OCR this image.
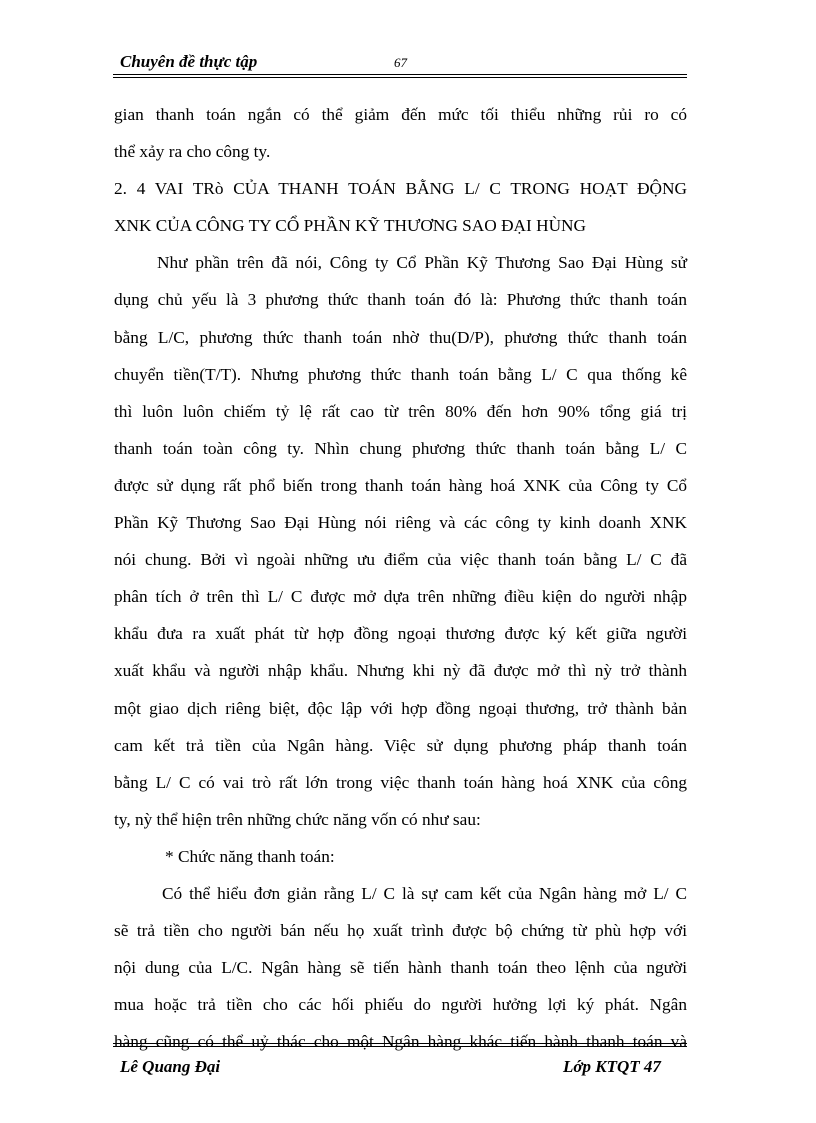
Chuyên đề thực tập	67
gian thanh toán ngắn có thể giảm đến mức tối thiểu những rủi ro có
thể xảy ra cho công ty.
2. 4 VAI TRò CỦA THANH TOÁN BẰNG L/ C TRONG HOẠT ĐỘNG
XNK CỦA CÔNG TY CỔ PHẦN KỸ THƯƠNG SAO ĐẠI HÙNG
Như phần trên đã nói, Công ty Cổ Phần Kỹ Thương Sao Đại Hùng sử
dụng chủ yếu là 3 phương thức thanh toán đó là: Phương thức thanh toán
bằng L/C, phương thức thanh toán nhờ thu(D/P), phương thức thanh toán
chuyển tiền(T/T). Nhưng phương thức thanh toán bằng L/ C qua thống kê
thì luôn luôn chiếm tỷ lệ rất cao từ trên 80% đến hơn 90% tổng giá trị
thanh toán toàn công ty. Nhìn chung phương thức thanh toán bằng L/ C
được sử dụng rất phổ biến trong thanh toán hàng hoá XNK của Công ty Cổ
Phần Kỹ Thương Sao Đại Hùng nói riêng và các công ty kinh doanh XNK
nói chung. Bởi vì ngoài những ưu điểm của việc thanh toán bằng L/ C đã
phân tích ở trên thì L/ C được mở dựa trên những điều kiện do người nhập
khẩu đưa ra xuất phát từ hợp đồng ngoại thương được ký kết giữa người
xuất khẩu và người nhập khẩu. Nhưng khi nỳ đã được mở thì nỳ trở thành
một giao dịch riêng biệt, độc lập với hợp đồng ngoại thương, trở thành bản
cam kết trả tiền của Ngân hàng. Việc sử dụng phương pháp thanh toán
bằng L/ C có vai trò rất lớn trong việc thanh toán hàng hoá XNK của công
ty, nỳ thể hiện trên những chức năng vốn có như sau:
* Chức năng thanh toán:
Có thể hiểu đơn giản rằng L/ C là sự cam kết của Ngân hàng mở L/ C
sẽ trả tiền cho người bán nếu họ xuất trình được bộ chứng từ phù hợp với
nội dung của L/C. Ngân hàng sẽ tiến hành thanh toán theo lệnh của người
mua hoặc trả tiền cho các hối phiếu do người hưởng lợi ký phát. Ngân
hàng cũng có thể uỷ thác cho một Ngân hàng khác tiến hành thanh toán và
Lê Quang Đại	Lớp KTQT 47
